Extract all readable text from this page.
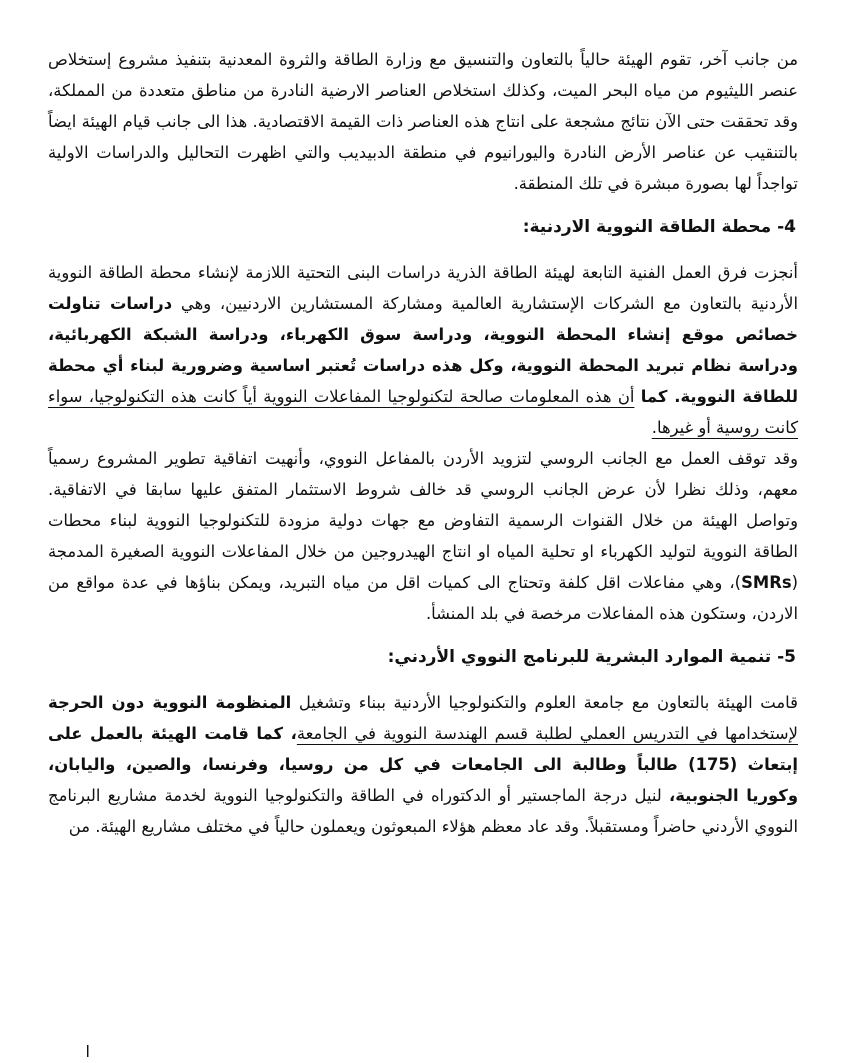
من جانب آخر، تقوم الهيئة حالياً بالتعاون والتنسيق مع وزارة الطاقة والثروة المعدنية بتنفيذ مشروع إستخلاص عنصر الليثيوم من مياه البحر الميت، وكذلك استخلاص العناصر الارضية النادرة من مناطق متعددة من المملكة، وقد تحققت حتى الآن نتائج مشجعة على انتاج هذه العناصر ذات القيمة الاقتصادية. هذا الى جانب قيام الهيئة ايضاً بالتنقيب عن عناصر الأرض النادرة واليورانيوم في منطقة الدبيديب والتي اظهرت التحاليل والدراسات الاولية تواجداً لها بصورة مبشرة في تلك المنطقة.

4- محطة الطاقة النووية الاردنية:

أنجزت فرق العمل الفنية التابعة لهيئة الطاقة الذرية دراسات البنى التحتية اللازمة لإنشاء محطة الطاقة النووية الأردنية بالتعاون مع الشركات الإستشارية العالمية ومشاركة المستشارين الاردنيين، وهي دراسات تناولت خصائص موقع إنشاء المحطة النووية، ودراسة سوق الكهرباء، ودراسة الشبكة الكهربائية، ودراسة نظام تبريد المحطة النووية، وكل هذه دراسات تُعتبر اساسية وضرورية لبناء أي محطة للطاقة النووية. كما أن هذه المعلومات صالحة لتكنولوجيا المفاعلات النووية أياً كانت هذه التكنولوجيا، سواء كانت روسية أو غيرها.

وقد توقف العمل مع الجانب الروسي لتزويد الأردن بالمفاعل النووي، وأنهيت اتفاقية تطوير المشروع رسمياً معهم، وذلك نظرا لأن عرض الجانب الروسي قد خالف شروط الاستثمار المتفق عليها سابقا في الاتفاقية. وتواصل الهيئة من خلال القنوات الرسمية التفاوض مع جهات دولية مزودة للتكنولوجيا النووية لبناء محطات الطاقة النووية لتوليد الكهرباء او تحلية المياه او انتاج الهيدروجين من خلال المفاعلات النووية الصغيرة المدمجة (SMRs)، وهي مفاعلات اقل كلفة وتحتاج الى كميات اقل من مياه التبريد، ويمكن بناؤها في عدة مواقع من الاردن، وستكون هذه المفاعلات مرخصة في بلد المنشأ.

5- تنمية الموارد البشرية للبرنامج النووي الأردني:

قامت الهيئة بالتعاون مع جامعة العلوم والتكنولوجيا الأردنية ببناء وتشغيل المنظومة النووية دون الحرجة لإستخدامها في التدريس العملي لطلبة قسم الهندسة النووية في الجامعة، كما قامت الهيئة بالعمل على إبتعاث (175) طالباً وطالبة الى الجامعات في كل من روسيا، وفرنسا، والصين، واليابان، وكوريا الجنوبية، لنيل درجة الماجستير أو الدكتوراه في الطاقة والتكنولوجيا النووية لخدمة مشاريع البرنامج النووي الأردني حاضراً ومستقبلاً. وقد عاد معظم هؤلاء المبعوثون ويعملون حالياً في مختلف مشاريع الهيئة. من

ا
